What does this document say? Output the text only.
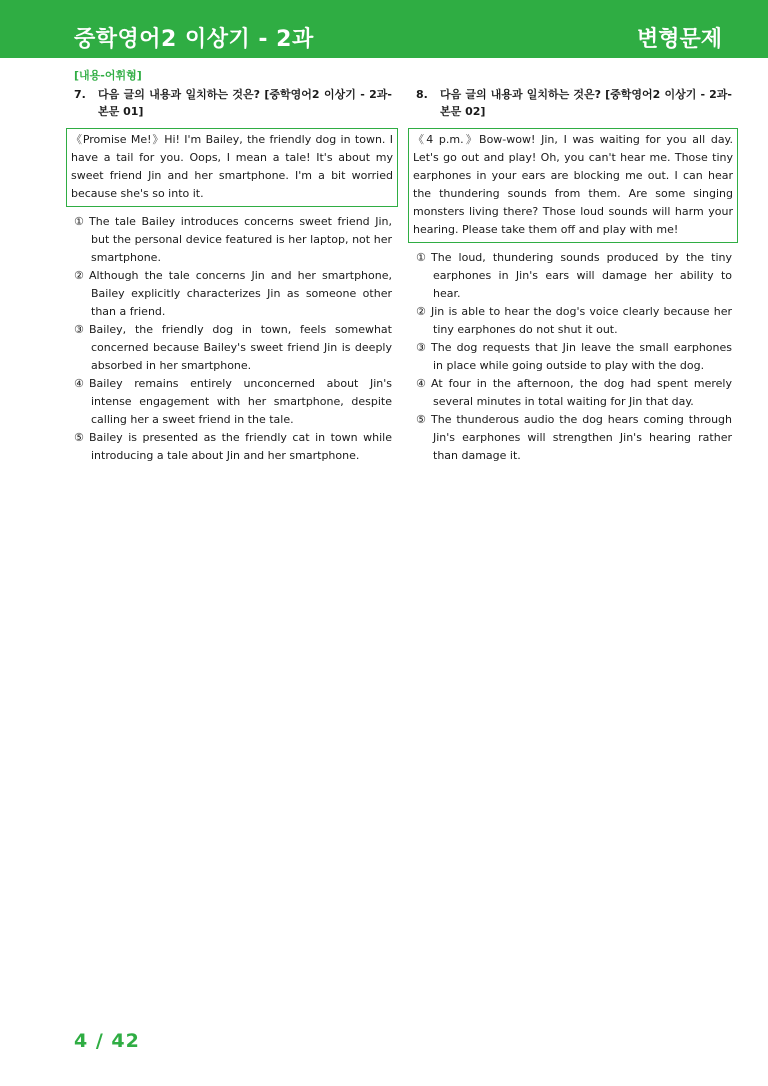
중학영어2 이상기 - 2과	변형문제
[내용-어휘형]
7.	다음 글의 내용과 일치하는 것은? [중학영어2 이상기 - 2과-본문 01]
《Promise Me!》Hi! I'm Bailey, the friendly dog in town. I have a tail for you. Oops, I mean a tale! It's about my sweet friend Jin and her smartphone. I'm a bit worried because she's so into it.

① The tale Bailey introduces concerns sweet friend Jin, but the personal device featured is her laptop, not her smartphone.

② Although the tale concerns Jin and her smartphone, Bailey explicitly characterizes Jin as someone other than a friend.

③ Bailey, the friendly dog in town, feels somewhat concerned because Bailey's sweet friend Jin is deeply absorbed in her smartphone.

④ Bailey remains entirely unconcerned about Jin's intense engagement with her smartphone, despite calling her a sweet friend in the tale.

⑤ Bailey is presented as the friendly cat in town while introducing a tale about Jin and her smartphone.

8.	다음 글의 내용과 일치하는 것은? [중학영어2 이상기 - 2과-본문 02]
《4 p.m.》Bow-wow! Jin, I was waiting for you all day. Let's go out and play! Oh, you can't hear me. Those tiny earphones in your ears are blocking me out. I can hear the thundering sounds from them. Are some singing monsters living there? Those loud sounds will harm your hearing. Please take them off and play with me!

① The loud, thundering sounds produced by the tiny earphones in Jin's ears will damage her ability to hear.

② Jin is able to hear the dog's voice clearly because her tiny earphones do not shut it out.

③ The dog requests that Jin leave the small earphones in place while going outside to play with the dog.

④ At four in the afternoon, the dog had spent merely several minutes in total waiting for Jin that day.

⑤ The thunderous audio the dog hears coming through Jin's earphones will strengthen Jin's hearing rather than damage it.

4 / 42
